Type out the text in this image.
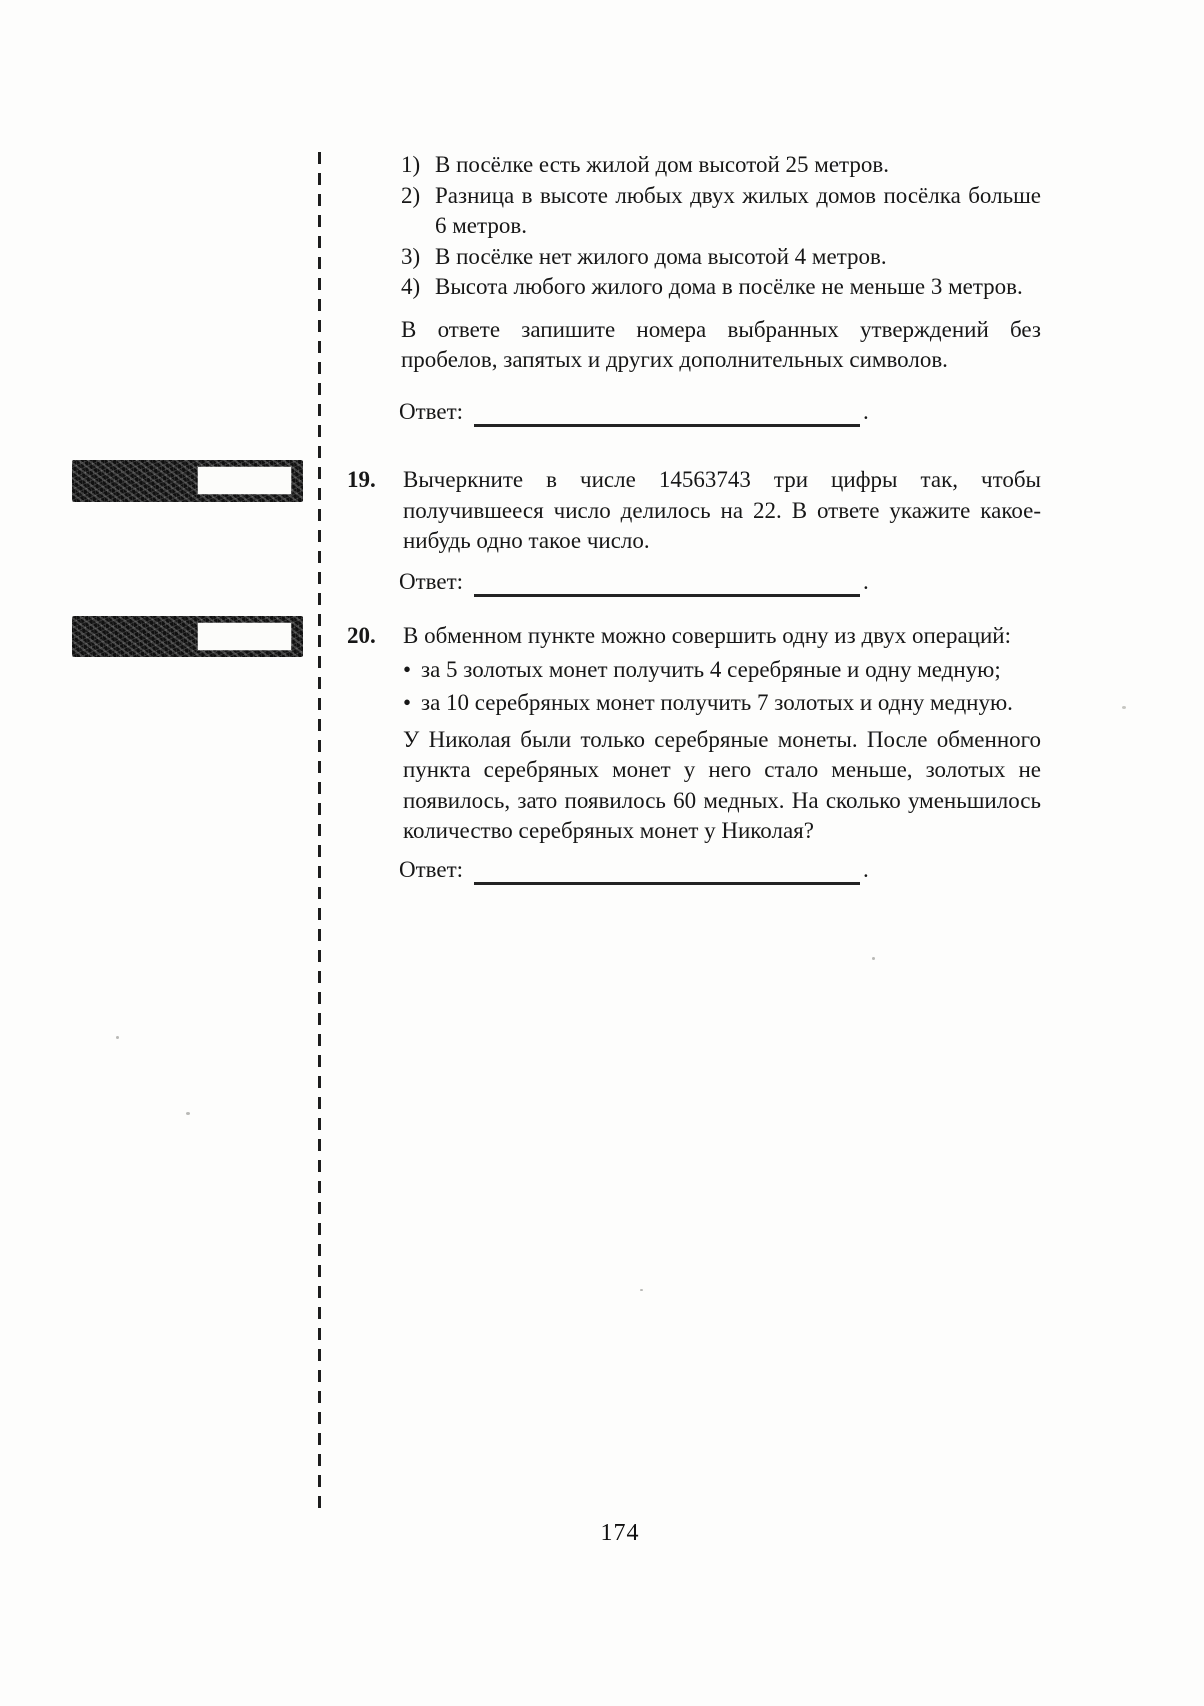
1) В посёлке есть жилой дом высотой 25 метров.
2) Разница в высоте любых двух жилых домов посёлка больше 6 метров.
3) В посёлке нет жилого дома высотой 4 метров.
4) Высота любого жилого дома в посёлке не меньше 3 метров.
В ответе запишите номера выбранных утверждений без пробелов, запятых и других дополнительных символов.
Ответ:	.
19.	Вычеркните в числе 14563743 три цифры так, чтобы получившееся число делилось на 22. В ответе укажите какое-нибудь одно такое число.
Ответ:	.
20.	В обменном пункте можно совершить одну из двух операций:
• за 5 золотых монет получить 4 серебряные и одну медную;
• за 10 серебряных монет получить 7 золотых и одну медную.
У Николая были только серебряные монеты. После обменного пункта серебряных монет у него стало меньше, золотых не появилось, зато появилось 60 медных. На сколько уменьшилось количество серебряных монет у Николая?
Ответ:	.
174
